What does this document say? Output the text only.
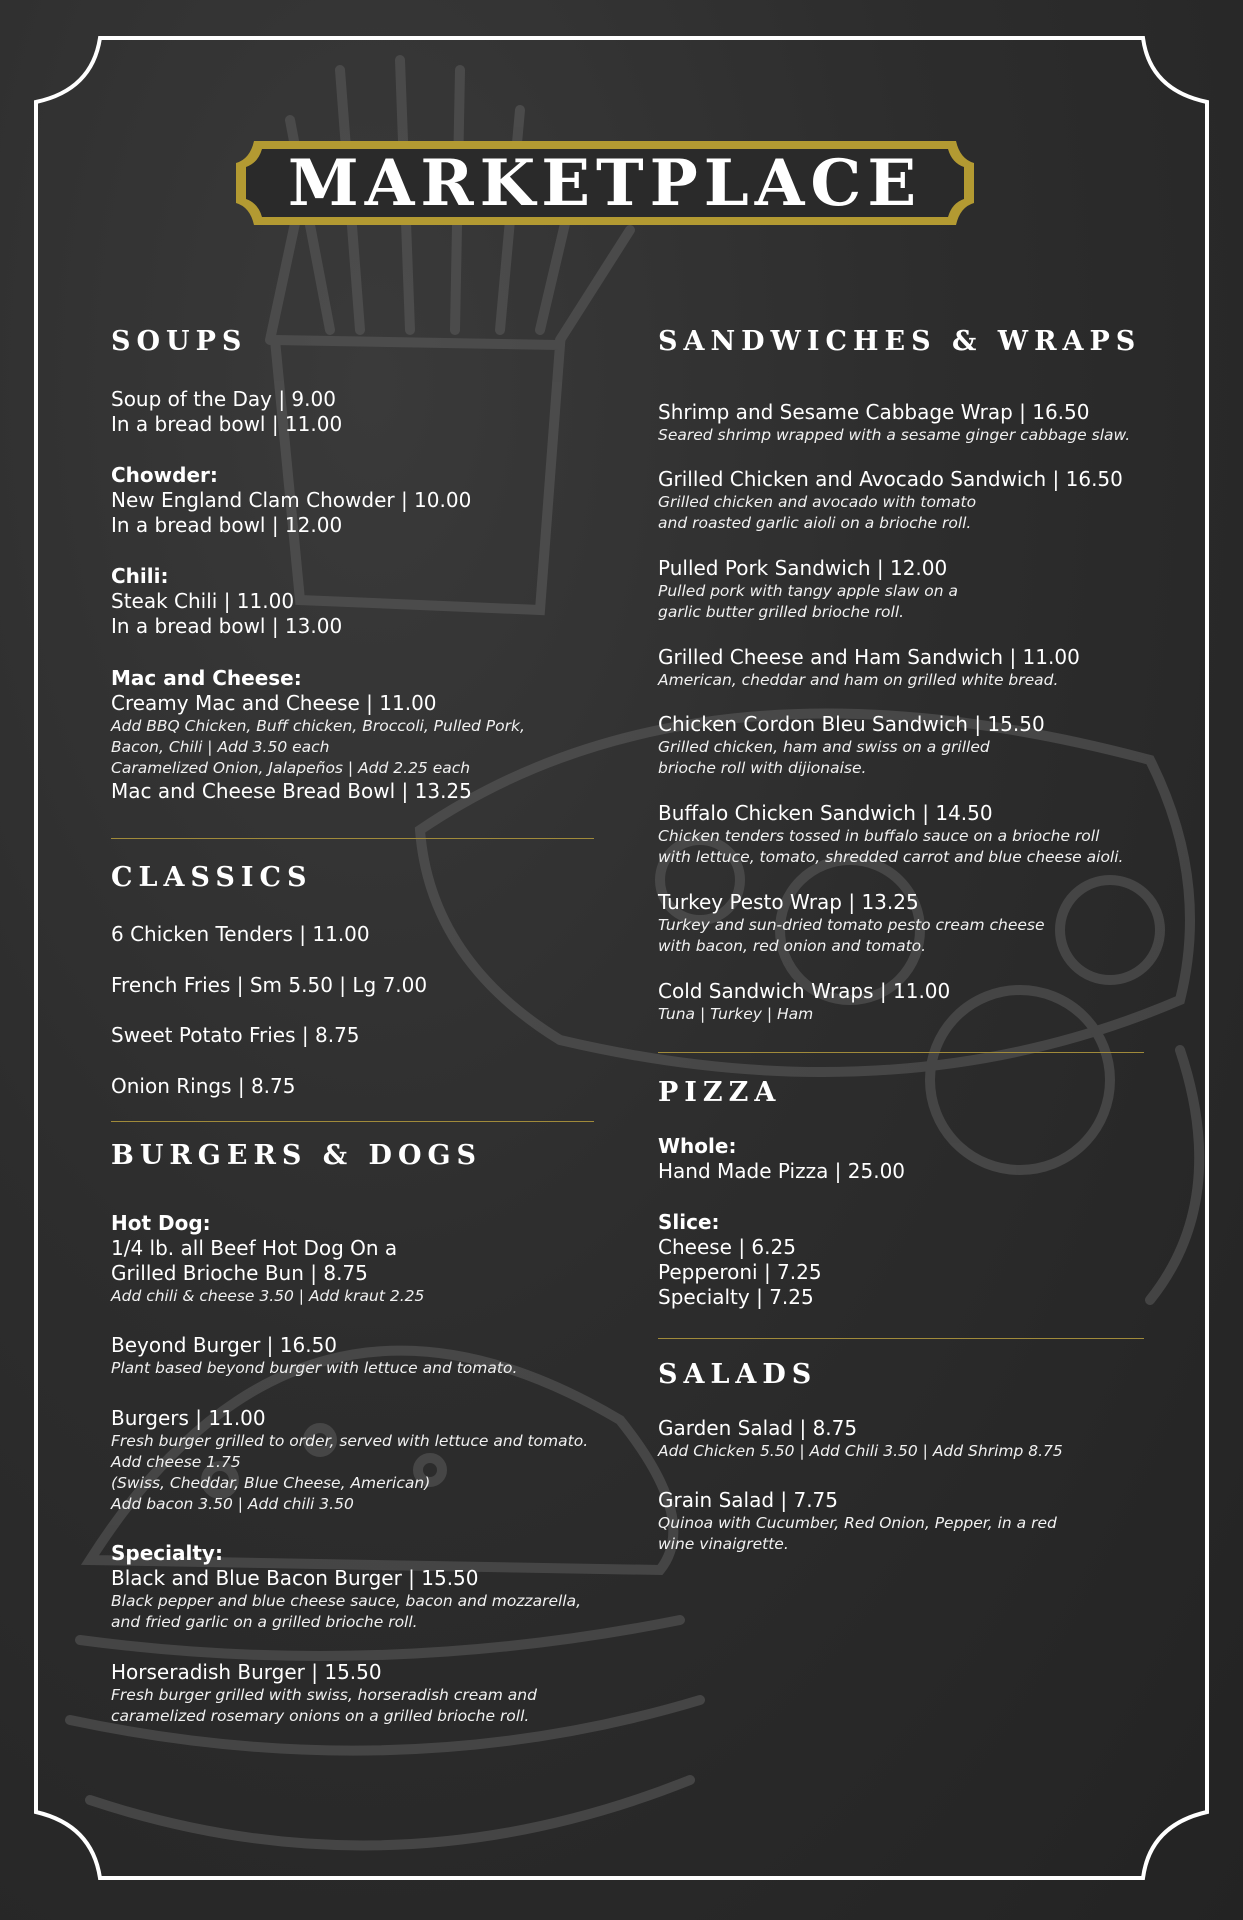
MARKETPLACE
SOUPS
Soup of the Day | 9.00
In a bread bowl | 11.00
Chowder:
New England Clam Chowder | 10.00
In a bread bowl | 12.00
Chili:
Steak Chili | 11.00
In a bread bowl | 13.00
Mac and Cheese:
Creamy Mac and Cheese | 11.00
Add BBQ Chicken, Buff chicken, Broccoli, Pulled Pork,
Bacon, Chili | Add 3.50 each
Caramelized Onion, Jalapeños | Add 2.25 each
Mac and Cheese Bread Bowl | 13.25
CLASSICS
6 Chicken Tenders | 11.00
French Fries | Sm 5.50 | Lg 7.00
Sweet Potato Fries | 8.75
Onion Rings | 8.75
BURGERS & DOGS
Hot Dog:
1/4 lb. all Beef Hot Dog On a
Grilled Brioche Bun | 8.75
Add chili & cheese 3.50 | Add kraut 2.25
Beyond Burger | 16.50
Plant based beyond burger with lettuce and tomato.
Burgers | 11.00
Fresh burger grilled to order, served with lettuce and tomato.
Add cheese 1.75
(Swiss, Cheddar, Blue Cheese, American)
Add bacon 3.50 | Add chili 3.50
Specialty:
Black and Blue Bacon Burger | 15.50
Black pepper and blue cheese sauce, bacon and mozzarella,
and fried garlic on a grilled brioche roll.
Horseradish Burger | 15.50
Fresh burger grilled with swiss, horseradish cream and
caramelized rosemary onions on a grilled brioche roll.
SANDWICHES & WRAPS
Shrimp and Sesame Cabbage Wrap | 16.50
Seared shrimp wrapped with a sesame ginger cabbage slaw.
Grilled Chicken and Avocado Sandwich | 16.50
Grilled chicken and avocado with tomato
and roasted garlic aioli on a brioche roll.
Pulled Pork Sandwich | 12.00
Pulled pork with tangy apple slaw on a
garlic butter grilled brioche roll.
Grilled Cheese and Ham Sandwich | 11.00
American, cheddar and ham on grilled white bread.
Chicken Cordon Bleu Sandwich | 15.50
Grilled chicken, ham and swiss on a grilled
brioche roll with dijionaise.
Buffalo Chicken Sandwich | 14.50
Chicken tenders tossed in buffalo sauce on a brioche roll
with lettuce, tomato, shredded carrot and blue cheese aioli.
Turkey Pesto Wrap | 13.25
Turkey and sun-dried tomato pesto cream cheese
with bacon, red onion and tomato.
Cold Sandwich Wraps | 11.00
Tuna | Turkey | Ham
PIZZA
Whole:
Hand Made Pizza | 25.00
Slice:
Cheese | 6.25
Pepperoni | 7.25
Specialty | 7.25
SALADS
Garden Salad | 8.75
Add Chicken 5.50 | Add Chili 3.50 | Add Shrimp 8.75
Grain Salad | 7.75
Quinoa with Cucumber, Red Onion, Pepper, in a red
wine vinaigrette.
